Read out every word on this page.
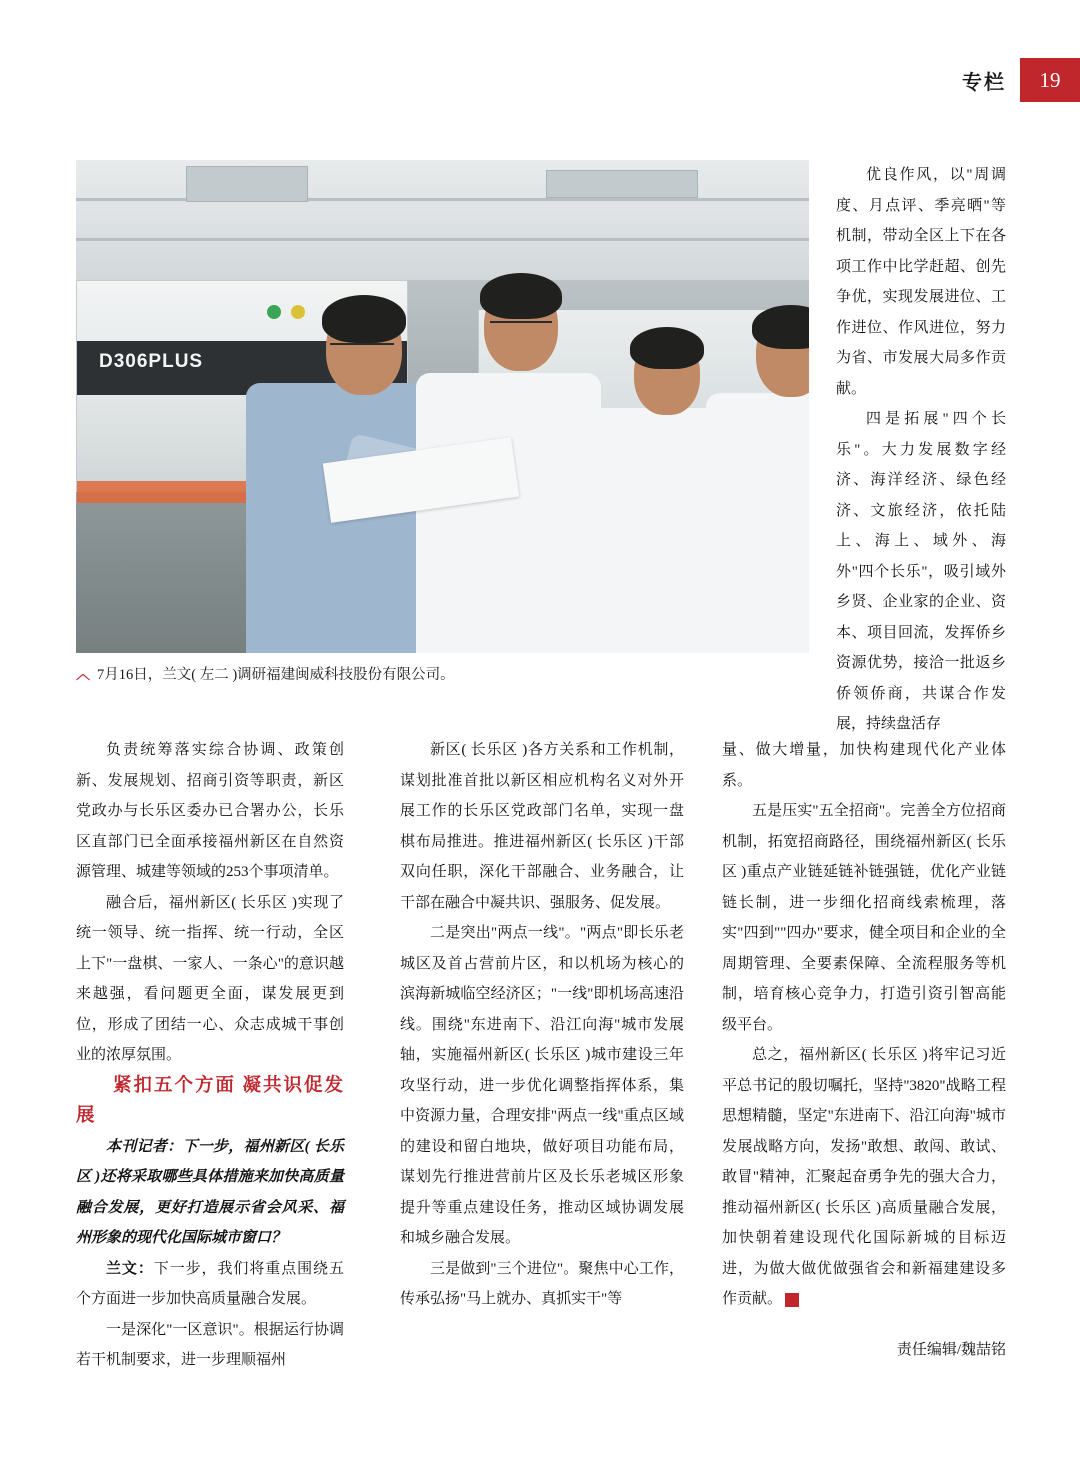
专栏	19
D306PLUS
︿ 7月16日，兰文( 左二 )调研福建闽威科技股份有限公司。

优良作风，以"周调度、月点评、季亮晒"等机制，带动全区上下在各项工作中比学赶超、创先争优，实现发展进位、工作进位、作风进位，努力为省、市发展大局多作贡献。

四是拓展"四个长乐"。大力发展数字经济、海洋经济、绿色经济、文旅经济，依托陆上、海上、域外、海外"四个长乐"，吸引域外乡贤、企业家的企业、资本、项目回流，发挥侨乡资源优势，接洽一批返乡侨领侨商，共谋合作发展，持续盘活存

负责统筹落实综合协调、政策创新、发展规划、招商引资等职责，新区党政办与长乐区委办已合署办公，长乐区直部门已全面承接福州新区在自然资源管理、城建等领域的253个事项清单。

融合后，福州新区( 长乐区 )实现了统一领导、统一指挥、统一行动，全区上下"一盘棋、一家人、一条心"的意识越来越强，看问题更全面，谋发展更到位，形成了团结一心、众志成城干事创业的浓厚氛围。

紧扣五个方面 凝共识促发展

本刊记者：下一步，福州新区( 长乐区 )还将采取哪些具体措施来加快高质量融合发展，更好打造展示省会风采、福州形象的现代化国际城市窗口？

兰文：下一步，我们将重点围绕五个方面进一步加快高质量融合发展。

一是深化"一区意识"。根据运行协调若干机制要求，进一步理顺福州

新区( 长乐区 )各方关系和工作机制，谋划批准首批以新区相应机构名义对外开展工作的长乐区党政部门名单，实现一盘棋布局推进。推进福州新区( 长乐区 )干部双向任职，深化干部融合、业务融合，让干部在融合中凝共识、强服务、促发展。

二是突出"两点一线"。"两点"即长乐老城区及首占营前片区，和以机场为核心的滨海新城临空经济区；"一线"即机场高速沿线。围绕"东进南下、沿江向海"城市发展轴，实施福州新区( 长乐区 )城市建设三年攻坚行动，进一步优化调整指挥体系，集中资源力量，合理安排"两点一线"重点区域的建设和留白地块，做好项目功能布局，谋划先行推进营前片区及长乐老城区形象提升等重点建设任务，推动区域协调发展和城乡融合发展。

三是做到"三个进位"。聚焦中心工作，传承弘扬"马上就办、真抓实干"等

量、做大增量，加快构建现代化产业体系。

五是压实"五全招商"。完善全方位招商机制，拓宽招商路径，围绕福州新区( 长乐区 )重点产业链延链补链强链，优化产业链链长制，进一步细化招商线索梳理，落实"四到""四办"要求，健全项目和企业的全周期管理、全要素保障、全流程服务等机制，培育核心竞争力，打造引资引智高能级平台。

总之，福州新区( 长乐区 )将牢记习近平总书记的殷切嘱托，坚持"3820"战略工程思想精髓，坚定"东进南下、沿江向海"城市发展战略方向，发扬"敢想、敢闯、敢试、敢冒"精神，汇聚起奋勇争先的强大合力，推动福州新区( 长乐区 )高质量融合发展，加快朝着建设现代化国际新城的目标迈进，为做大做优做强省会和新福建建设多作贡献。	H

责任编辑/魏喆铭
